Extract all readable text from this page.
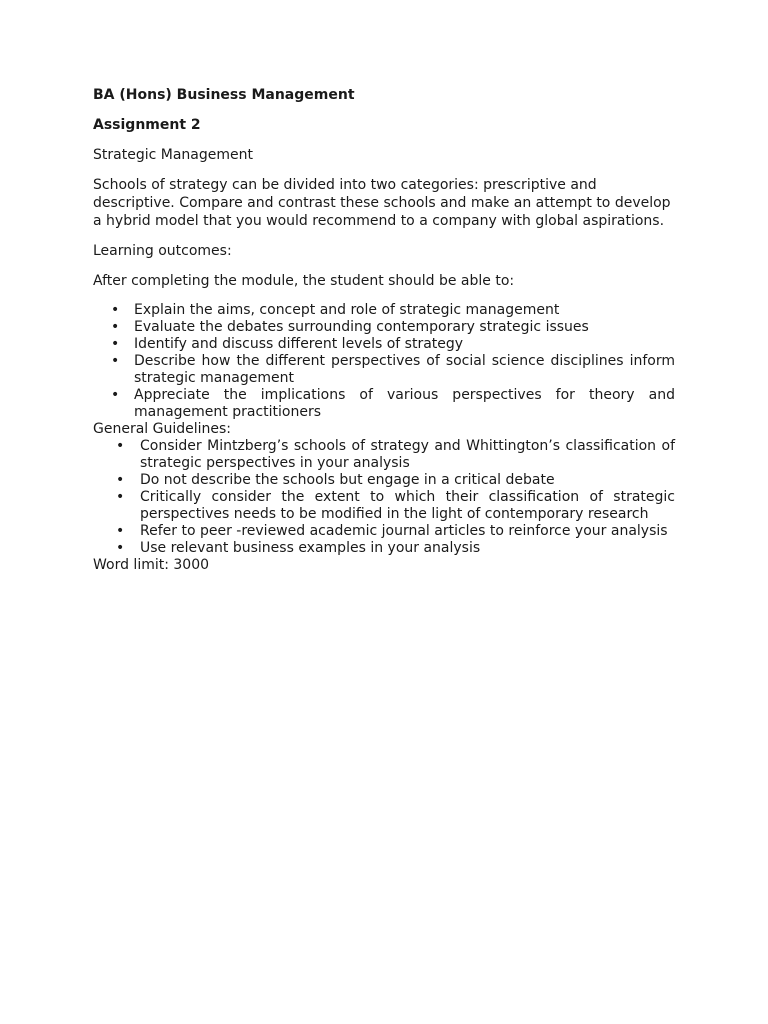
BA (Hons) Business Management

Assignment 2

Strategic Management

Schools of strategy can be divided into two categories: prescriptive and descriptive. Compare and contrast these schools and make an attempt to develop a hybrid model that you would recommend to a company with global aspirations.

Learning outcomes:

After completing the module, the student should be able to:

• Explain the aims, concept and role of strategic management
• Evaluate the debates surrounding contemporary strategic issues
• Identify and discuss different levels of strategy
• Describe how the different perspectives of social science disciplines inform strategic management
• Appreciate the implications of various perspectives for theory and management practitioners

General Guidelines:

• Consider Mintzberg’s schools of strategy and Whittington’s classification of strategic perspectives in your analysis
• Do not describe the schools but engage in a critical debate
• Critically consider the extent to which their classification of strategic perspectives needs to be modified in the light of contemporary research
• Refer to peer -reviewed academic journal articles to reinforce your analysis
• Use relevant business examples in your analysis

Word limit: 3000
